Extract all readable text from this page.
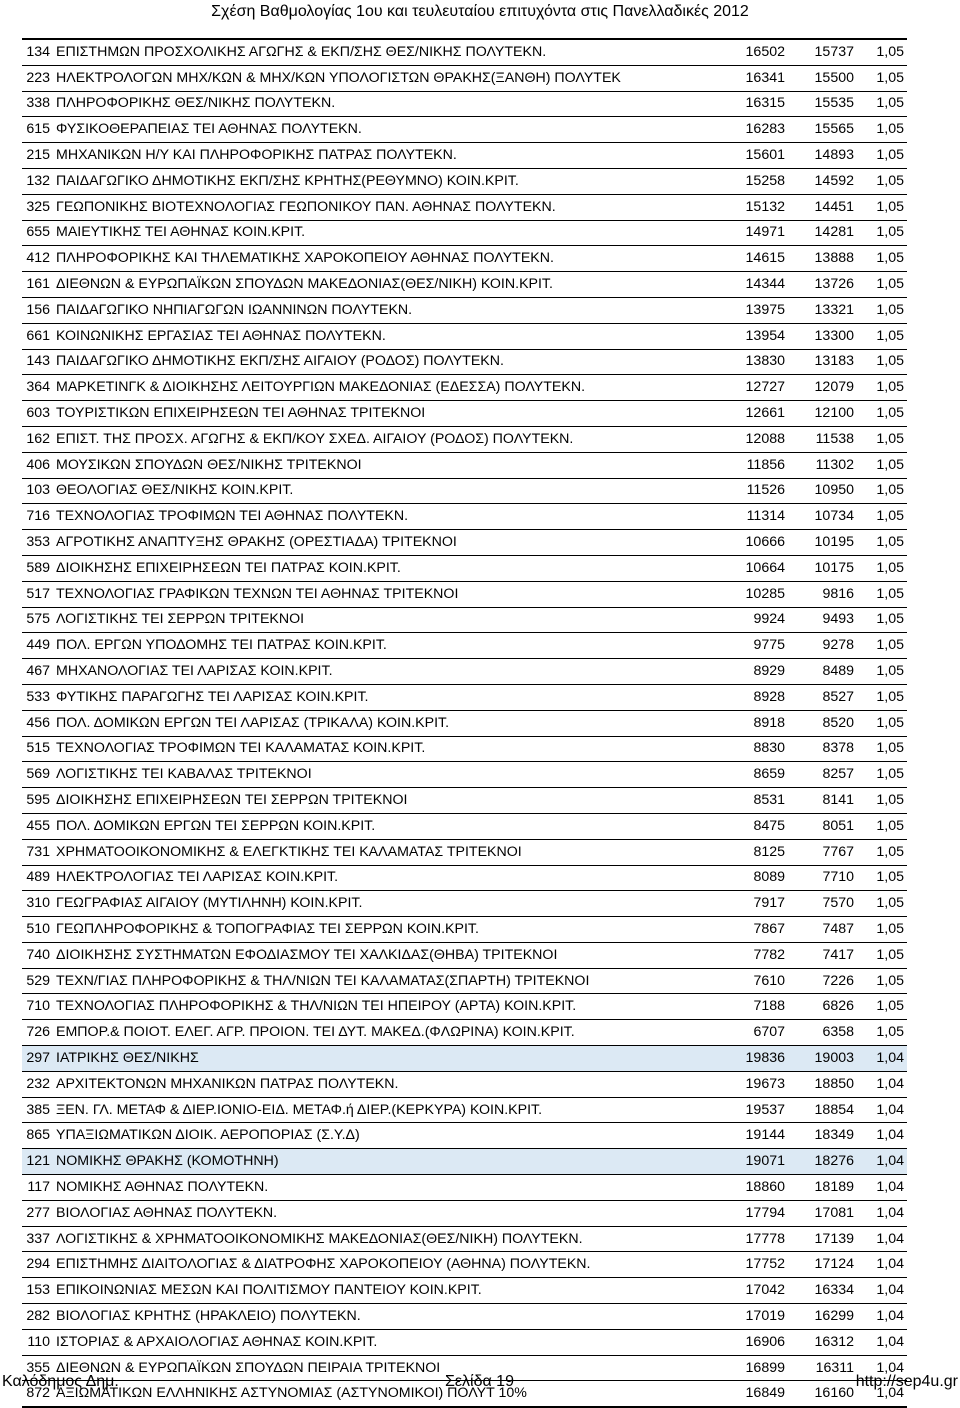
Σχέση Βαθμολογίας 1ου και τευλευταίου επιτυχόντα στις Πανελλαδικές 2012
134	ΕΠΙΣΤΗΜΩΝ ΠΡΟΣΧΟΛΙΚΗΣ ΑΓΩΓΗΣ & ΕΚΠ/ΣΗΣ ΘΕΣ/ΝΙΚΗΣ ΠΟΛΥΤΕΚΝ.	16502	15737	1,05
223	ΗΛΕΚΤΡΟΛΟΓΩΝ ΜΗΧ/ΚΩΝ & ΜΗΧ/ΚΩΝ ΥΠΟΛΟΓΙΣΤΩΝ ΘΡΑΚΗΣ(ΞΑΝΘΗ) ΠΟΛΥΤΕΚ	16341	15500	1,05
338	ΠΛΗΡΟΦΟΡΙΚΗΣ ΘΕΣ/ΝΙΚΗΣ ΠΟΛΥΤΕΚΝ.	16315	15535	1,05
615	ΦΥΣΙΚΟΘΕΡΑΠΕΙΑΣ ΤΕΙ ΑΘΗΝΑΣ ΠΟΛΥΤΕΚΝ.	16283	15565	1,05
215	ΜΗΧΑΝΙΚΩΝ Η/Υ ΚΑΙ ΠΛΗΡΟΦΟΡΙΚΗΣ ΠΑΤΡΑΣ ΠΟΛΥΤΕΚΝ.	15601	14893	1,05
132	ΠΑΙΔΑΓΩΓΙΚΟ ΔΗΜΟΤΙΚΗΣ ΕΚΠ/ΣΗΣ ΚΡΗΤΗΣ(ΡΕΘΥΜΝΟ) ΚΟΙΝ.ΚΡΙΤ.	15258	14592	1,05
325	ΓΕΩΠΟΝΙΚΗΣ ΒΙΟΤΕΧΝΟΛΟΓΙΑΣ ΓΕΩΠΟΝΙΚΟΥ ΠΑΝ. ΑΘΗΝΑΣ ΠΟΛΥΤΕΚΝ.	15132	14451	1,05
655	ΜΑΙΕΥΤΙΚΗΣ ΤΕΙ ΑΘΗΝΑΣ ΚΟΙΝ.ΚΡΙΤ.	14971	14281	1,05
412	ΠΛΗΡΟΦΟΡΙΚΗΣ ΚΑΙ ΤΗΛΕΜΑΤΙΚΗΣ ΧΑΡΟΚΟΠΕΙΟΥ ΑΘΗΝΑΣ ΠΟΛΥΤΕΚΝ.	14615	13888	1,05
161	ΔΙΕΘΝΩΝ & ΕΥΡΩΠΑΪΚΩΝ ΣΠΟΥΔΩΝ ΜΑΚΕΔΟΝΙΑΣ(ΘΕΣ/ΝΙΚΗ) ΚΟΙΝ.ΚΡΙΤ.	14344	13726	1,05
156	ΠΑΙΔΑΓΩΓΙΚΟ ΝΗΠΙΑΓΩΓΩΝ ΙΩΑΝΝΙΝΩΝ ΠΟΛΥΤΕΚΝ.	13975	13321	1,05
661	ΚΟΙΝΩΝΙΚΗΣ ΕΡΓΑΣΙΑΣ ΤΕΙ ΑΘΗΝΑΣ ΠΟΛΥΤΕΚΝ.	13954	13300	1,05
143	ΠΑΙΔΑΓΩΓΙΚΟ ΔΗΜΟΤΙΚΗΣ ΕΚΠ/ΣΗΣ ΑΙΓΑΙΟΥ (ΡΟΔΟΣ) ΠΟΛΥΤΕΚΝ.	13830	13183	1,05
364	ΜΑΡΚΕΤΙΝΓΚ & ΔΙΟΙΚΗΣΗΣ ΛΕΙΤΟΥΡΓΙΩΝ ΜΑΚΕΔΟΝΙΑΣ (ΕΔΕΣΣΑ) ΠΟΛΥΤΕΚΝ.	12727	12079	1,05
603	ΤΟΥΡΙΣΤΙΚΩΝ ΕΠΙΧΕΙΡΗΣΕΩΝ ΤΕΙ ΑΘΗΝΑΣ ΤΡΙΤΕΚΝΟΙ	12661	12100	1,05
162	ΕΠΙΣΤ. ΤΗΣ ΠΡΟΣΧ. ΑΓΩΓΗΣ & ΕΚΠ/ΚΟΥ ΣΧΕΔ. ΑΙΓΑΙΟΥ (ΡΟΔΟΣ) ΠΟΛΥΤΕΚΝ.	12088	11538	1,05
406	ΜΟΥΣΙΚΩΝ ΣΠΟΥΔΩΝ ΘΕΣ/ΝΙΚΗΣ ΤΡΙΤΕΚΝΟΙ	11856	11302	1,05
103	ΘΕΟΛΟΓΙΑΣ ΘΕΣ/ΝΙΚΗΣ ΚΟΙΝ.ΚΡΙΤ.	11526	10950	1,05
716	ΤΕΧΝΟΛΟΓΙΑΣ ΤΡΟΦΙΜΩΝ ΤΕΙ ΑΘΗΝΑΣ ΠΟΛΥΤΕΚΝ.	11314	10734	1,05
353	ΑΓΡΟΤΙΚΗΣ ΑΝΑΠΤΥΞΗΣ ΘΡΑΚΗΣ (ΟΡΕΣΤΙΑΔΑ) ΤΡΙΤΕΚΝΟΙ	10666	10195	1,05
589	ΔΙΟΙΚΗΣΗΣ ΕΠΙΧΕΙΡΗΣΕΩΝ ΤΕΙ ΠΑΤΡΑΣ ΚΟΙΝ.ΚΡΙΤ.	10664	10175	1,05
517	ΤΕΧΝΟΛΟΓΙΑΣ ΓΡΑΦΙΚΩΝ ΤΕΧΝΩΝ ΤΕΙ ΑΘΗΝΑΣ ΤΡΙΤΕΚΝΟΙ	10285	9816	1,05
575	ΛΟΓΙΣΤΙΚΗΣ ΤΕΙ ΣΕΡΡΩΝ ΤΡΙΤΕΚΝΟΙ	9924	9493	1,05
449	ΠΟΛ. ΕΡΓΩΝ ΥΠΟΔΟΜΗΣ ΤΕΙ ΠΑΤΡΑΣ ΚΟΙΝ.ΚΡΙΤ.	9775	9278	1,05
467	ΜΗΧΑΝΟΛΟΓΙΑΣ ΤΕΙ ΛΑΡΙΣΑΣ ΚΟΙΝ.ΚΡΙΤ.	8929	8489	1,05
533	ΦΥΤΙΚΗΣ ΠΑΡΑΓΩΓΗΣ ΤΕΙ ΛΑΡΙΣΑΣ ΚΟΙΝ.ΚΡΙΤ.	8928	8527	1,05
456	ΠΟΛ. ΔΟΜΙΚΩΝ ΕΡΓΩΝ ΤΕΙ ΛΑΡΙΣΑΣ (ΤΡΙΚΑΛΑ) ΚΟΙΝ.ΚΡΙΤ.	8918	8520	1,05
515	ΤΕΧΝΟΛΟΓΙΑΣ ΤΡΟΦΙΜΩΝ ΤΕΙ ΚΑΛΑΜΑΤΑΣ ΚΟΙΝ.ΚΡΙΤ.	8830	8378	1,05
569	ΛΟΓΙΣΤΙΚΗΣ ΤΕΙ ΚΑΒΑΛΑΣ ΤΡΙΤΕΚΝΟΙ	8659	8257	1,05
595	ΔΙΟΙΚΗΣΗΣ ΕΠΙΧΕΙΡΗΣΕΩΝ ΤΕΙ ΣΕΡΡΩΝ ΤΡΙΤΕΚΝΟΙ	8531	8141	1,05
455	ΠΟΛ. ΔΟΜΙΚΩΝ ΕΡΓΩΝ ΤΕΙ ΣΕΡΡΩΝ ΚΟΙΝ.ΚΡΙΤ.	8475	8051	1,05
731	ΧΡΗΜΑΤΟΟΙΚΟΝΟΜΙΚΗΣ & ΕΛΕΓΚΤΙΚΗΣ ΤΕΙ ΚΑΛΑΜΑΤΑΣ ΤΡΙΤΕΚΝΟΙ	8125	7767	1,05
489	ΗΛΕΚΤΡΟΛΟΓΙΑΣ ΤΕΙ ΛΑΡΙΣΑΣ ΚΟΙΝ.ΚΡΙΤ.	8089	7710	1,05
310	ΓΕΩΓΡΑΦΙΑΣ ΑΙΓΑΙΟΥ (ΜΥΤΙΛΗΝΗ) ΚΟΙΝ.ΚΡΙΤ.	7917	7570	1,05
510	ΓΕΩΠΛΗΡΟΦΟΡΙΚΗΣ & ΤΟΠΟΓΡΑΦΙΑΣ ΤΕΙ ΣΕΡΡΩΝ ΚΟΙΝ.ΚΡΙΤ.	7867	7487	1,05
740	ΔΙΟΙΚΗΣΗΣ ΣΥΣΤΗΜΑΤΩΝ ΕΦΟΔΙΑΣΜΟΥ ΤΕΙ ΧΑΛΚΙΔΑΣ(ΘΗΒΑ) ΤΡΙΤΕΚΝΟΙ	7782	7417	1,05
529	ΤΕΧΝ/ΓΙΑΣ ΠΛΗΡΟΦΟΡΙΚΗΣ & ΤΗΛ/ΝΙΩΝ ΤΕΙ ΚΑΛΑΜΑΤΑΣ(ΣΠΑΡΤΗ) ΤΡΙΤΕΚΝΟΙ	7610	7226	1,05
710	ΤΕΧΝΟΛΟΓΙΑΣ ΠΛΗΡΟΦΟΡΙΚΗΣ & ΤΗΛ/ΝΙΩΝ ΤΕΙ ΗΠΕΙΡΟΥ (ΑΡΤΑ) ΚΟΙΝ.ΚΡΙΤ.	7188	6826	1,05
726	ΕΜΠΟΡ.& ΠΟΙΟΤ. ΕΛΕΓ. ΑΓΡ. ΠΡΟΙΟΝ. ΤΕΙ ΔΥΤ. ΜΑΚΕΔ.(ΦΛΩΡΙΝΑ) ΚΟΙΝ.ΚΡΙΤ.	6707	6358	1,05
297	ΙΑΤΡΙΚΗΣ ΘΕΣ/ΝΙΚΗΣ	19836	19003	1,04
232	ΑΡΧΙΤΕΚΤΟΝΩΝ ΜΗΧΑΝΙΚΩΝ ΠΑΤΡΑΣ ΠΟΛΥΤΕΚΝ.	19673	18850	1,04
385	ΞΕΝ. ΓΛ. ΜΕΤΑΦ & ΔΙΕΡ.ΙΟΝΙΟ-ΕΙΔ. ΜΕΤΑΦ.ή ΔΙΕΡ.(ΚΕΡΚΥΡΑ) ΚΟΙΝ.ΚΡΙΤ.	19537	18854	1,04
865	ΥΠΑΞΙΩΜΑΤΙΚΩΝ ΔΙΟΙΚ. ΑΕΡΟΠΟΡΙΑΣ (Σ.Υ.Δ)	19144	18349	1,04
121	ΝΟΜΙΚΗΣ ΘΡΑΚΗΣ (ΚΟΜΟΤΗΝΗ)	19071	18276	1,04
117	ΝΟΜΙΚΗΣ ΑΘΗΝΑΣ ΠΟΛΥΤΕΚΝ.	18860	18189	1,04
277	ΒΙΟΛΟΓΙΑΣ ΑΘΗΝΑΣ ΠΟΛΥΤΕΚΝ.	17794	17081	1,04
337	ΛΟΓΙΣΤΙΚΗΣ & ΧΡΗΜΑΤΟΟΙΚΟΝΟΜΙΚΗΣ ΜΑΚΕΔΟΝΙΑΣ(ΘΕΣ/ΝΙΚΗ) ΠΟΛΥΤΕΚΝ.	17778	17139	1,04
294	ΕΠΙΣΤΗΜΗΣ ΔΙΑΙΤΟΛΟΓΙΑΣ & ΔΙΑΤΡΟΦΗΣ ΧΑΡΟΚΟΠΕΙΟΥ (ΑΘΗΝΑ) ΠΟΛΥΤΕΚΝ.	17752	17124	1,04
153	ΕΠΙΚΟΙΝΩΝΙΑΣ ΜΕΣΩΝ ΚΑΙ ΠΟΛΙΤΙΣΜΟΥ ΠΑΝΤΕΙΟΥ ΚΟΙΝ.ΚΡΙΤ.	17042	16334	1,04
282	ΒΙΟΛΟΓΙΑΣ ΚΡΗΤΗΣ (ΗΡΑΚΛΕΙΟ) ΠΟΛΥΤΕΚΝ.	17019	16299	1,04
110	ΙΣΤΟΡΙΑΣ & ΑΡΧΑΙΟΛΟΓΙΑΣ ΑΘΗΝΑΣ ΚΟΙΝ.ΚΡΙΤ.	16906	16312	1,04
355	ΔΙΕΘΝΩΝ & ΕΥΡΩΠΑΪΚΩΝ ΣΠΟΥΔΩΝ ΠΕΙΡΑΙΑ ΤΡΙΤΕΚΝΟΙ	16899	16311	1,04
872	ΑΞΙΩΜΑΤΙΚΩΝ ΕΛΛΗΝΙΚΗΣ ΑΣΤΥΝΟΜΙΑΣ (ΑΣΤΥΝΟΜΙΚΟΙ) ΠΟΛΥΤ 10%	16849	16160	1,04
Καλόδημος Δημ.	Σελίδα 19	http://sep4u.gr
